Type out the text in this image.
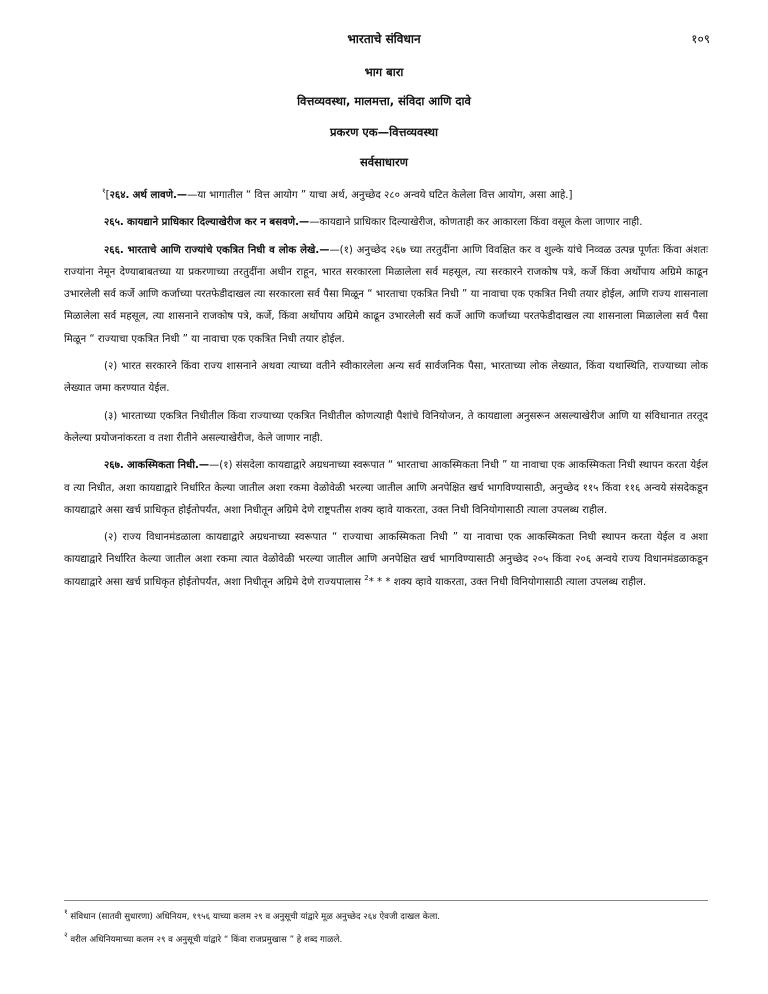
भारताचे संविधान	१०९
भाग बारा
वित्तव्यवस्था, मालमत्ता, संविदा आणि दावे
प्रकरण एक—वित्तव्यवस्था
सर्वसाधारण

$^१$[२६४. अर्थ लावणे.——या भागातील “ वित्त आयोग ” याचा अर्थ, अनुच्छेद २८० अन्वये घटित केलेला वित्त आयोग, असा आहे.]

२६५. कायद्याने प्राधिकार दिल्याखेरीज कर न बसवणे.——कायद्याने प्राधिकार दिल्याखेरीज, कोणताही कर आकारला किंवा वसूल केला जाणार नाही.

२६६. भारताचे आणि राज्यांचे एकत्रित निधी व लोक लेखे.——(१) अनुच्छेद २६७ च्या तरतुदींना आणि विवक्षित कर व शुल्के यांचे निव्वळ उत्पन्न पूर्णतः किंवा अंशतः राज्यांना नेमून देण्याबाबतच्या या प्रकरणाच्या तरतुदींना अधीन राहून, भारत सरकारला मिळालेला सर्व महसूल, त्या सरकारने राजकोष पत्रे, कर्जे किंवा अर्थोपाय अग्रिमे काढून उभारलेली सर्व कर्जे आणि कर्जाच्या परतफेडीदाखल त्या सरकारला सर्व पैसा मिळून “ भारताचा एकत्रित निधी ” या नावाचा एक एकत्रित निधी तयार होईल, आणि राज्य शासनाला मिळालेला सर्व महसूल, त्या शासनाने राजकोष पत्रे, कर्जे, किंवा अर्थोपाय अग्रिमे काढून उभारलेली सर्व कर्जे आणि कर्जाच्या परतफेडीदाखल त्या शासनाला मिळालेला सर्व पैसा मिळून “ राज्याचा एकत्रित निधी ” या नावाचा एक एकत्रित निधी तयार होईल.

(२) भारत सरकारने किंवा राज्य शासनाने अथवा त्याच्या वतीने स्वीकारलेला अन्य सर्व सार्वजनिक पैसा, भारताच्या लोक लेख्यात, किंवा यथास्थिति, राज्याच्या लोक लेख्यात जमा करण्यात येईल.

(३) भारताच्या एकत्रित निधीतील किंवा राज्याच्या एकत्रित निधीतील कोणत्याही पैशांचे विनियोजन, ते कायद्याला अनुसरून असल्याखेरीज आणि या संविधानात तरतूद केलेल्या प्रयोजनांकरता व तशा रीतीने असल्याखेरीज, केले जाणार नाही.

२६७. आकस्मिकता निधी.——(१) संसदेला कायद्याद्वारे अग्रधनाच्या स्वरूपात “ भारताचा आकस्मिकता निधी ” या नावाचा एक आकस्मिकता निधी स्थापन करता येईल व त्या निधीत, अशा कायद्याद्वारे निर्धारित केल्या जातील अशा रकमा वेळोवेळी भरल्या जातील आणि अनपेक्षित खर्च भागविण्यासाठी, अनुच्छेद ११५ किंवा ११६ अन्वये संसदेकडून कायद्याद्वारे असा खर्च प्राधिकृत होईतोपर्यंत, अशा निधीतून अग्रिमे देणे राष्ट्रपतीस शक्य व्हावे याकरता, उक्त निधी विनियोगासाठी त्याला उपलब्ध राहील.

(२) राज्य विधानमंडळाला कायद्याद्वारे अग्रधनाच्या स्वरूपात “ राज्याचा आकस्मिकता निधी ” या नावाचा एक आकस्मिकता निधी स्थापन करता येईल व अशा कायद्याद्वारे निर्धारित केल्या जातील अशा रकमा त्यात वेळोवेळी भरल्या जातील आणि अनपेक्षित खर्च भागविण्यासाठी अनुच्छेद २०५ किंवा २०६ अन्वये राज्य विधानमंडळाकडून कायद्याद्वारे असा खर्च प्राधिकृत होईतोपर्यंत, अशा निधीतून अग्रिमे देणे राज्यपालास $^2$* * * शक्य व्हावे याकरता, उक्त निधी विनियोगासाठी त्याला उपलब्ध राहील.

$^१$ संविधान (सातवी सुधारणा) अधिनियम, १९५६ याच्या कलम २९ व अनुसूची यांद्वारे मूळ अनुच्छेद २६४ ऐवजी दाखल केला.

$^२$ वरील अधिनियमाच्या कलम २९ व अनुसूची यांद्वारे “ किंवा राजप्रमुखास ” हे शब्द गाळले.
